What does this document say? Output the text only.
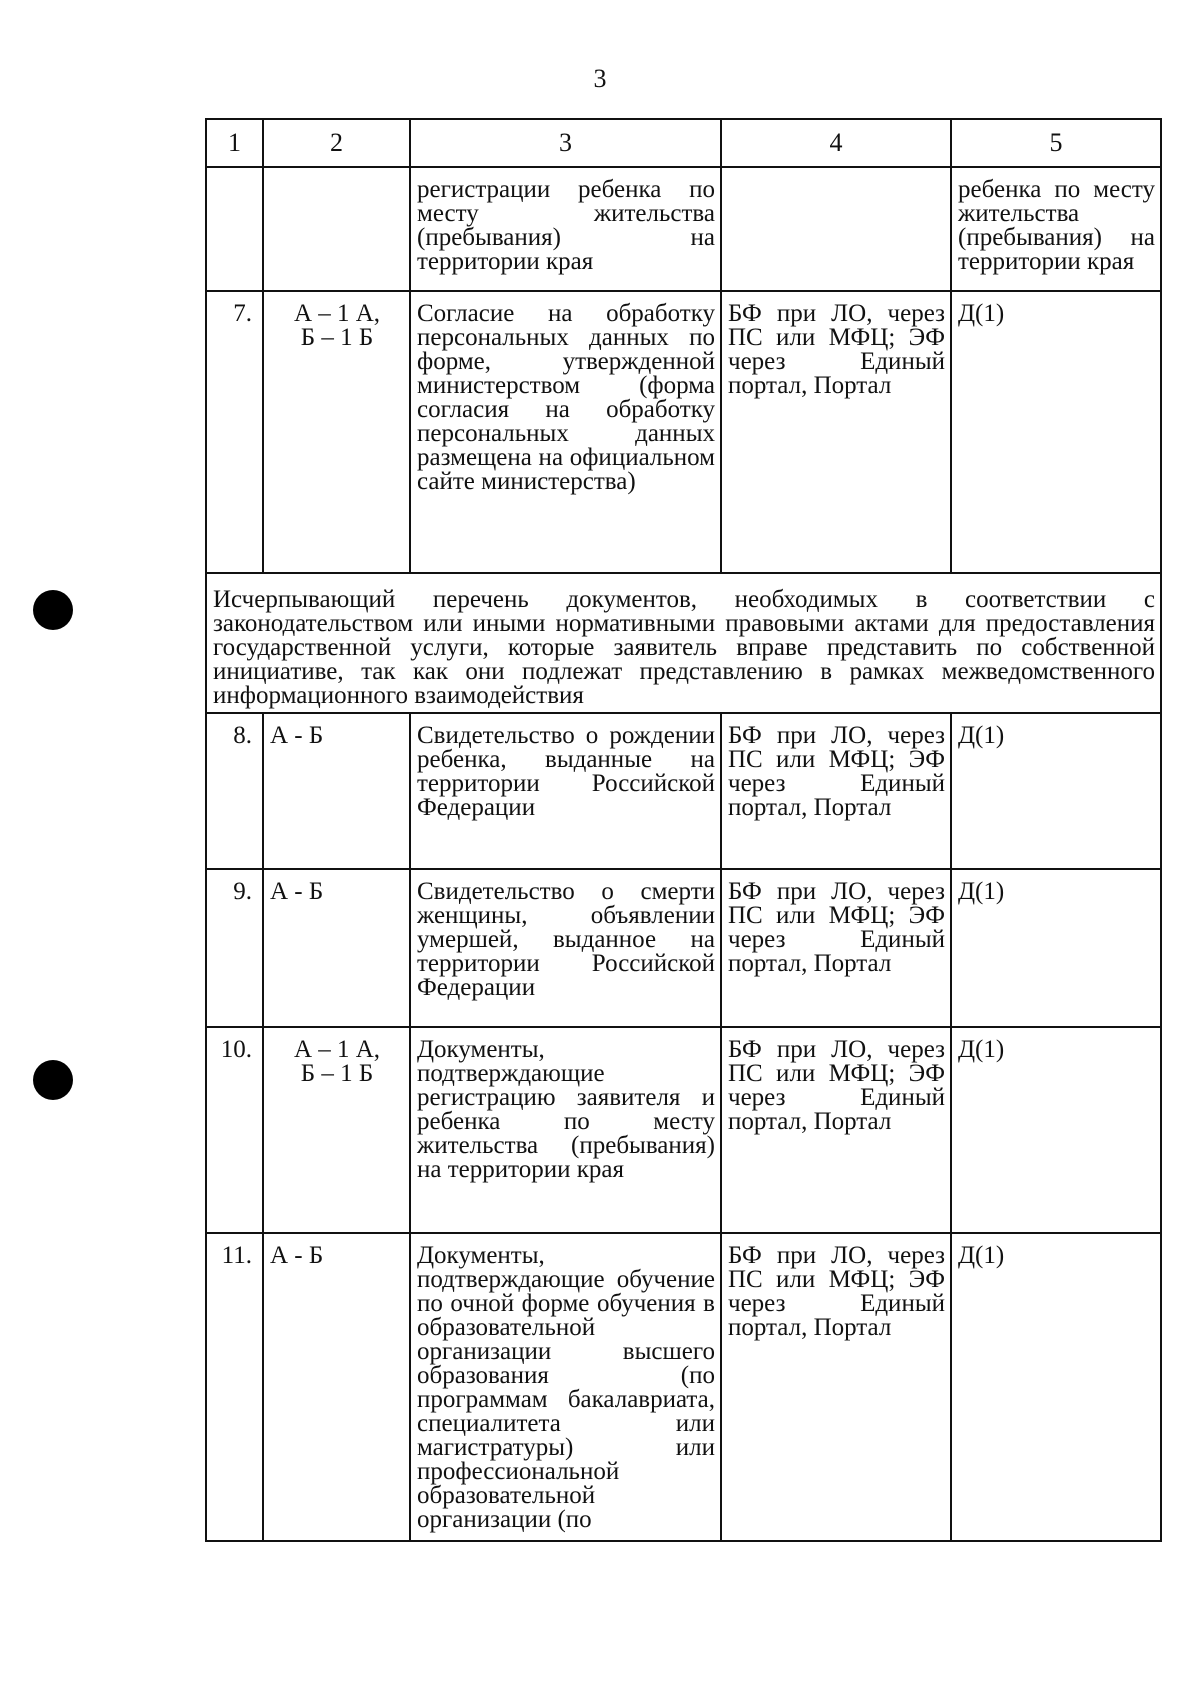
3
1	2	3	4	5
		регистрации ребенка по месту жительства (пребывания) на территории края		ребенка по месту жительства (пребывания) на территории края
7.	А – 1 А,
Б – 1 Б	Согласие на обработку персональных данных по форме, утвержденной министерством (форма согласия на обработку персональных данных размещена на официальном сайте министерства)	БФ при ЛО, через ПС или МФЦ; ЭФ через Единый портал, Портал	Д(1)
Исчерпывающий перечень документов, необходимых в соответствии с законодательством или иными нормативными правовыми актами для предоставления государственной услуги, которые заявитель вправе представить по собственной инициативе, так как они подлежат представлению в рамках межведомственного информационного взаимодействия				
8.	А - Б	Свидетельство о рождении ребенка, выданные на территории Российской Федерации	БФ при ЛО, через ПС или МФЦ; ЭФ через Единый портал, Портал	Д(1)
9.	А - Б	Свидетельство о смерти женщины, объявлении умершей, выданное на территории Российской Федерации	БФ при ЛО, через ПС или МФЦ; ЭФ через Единый портал, Портал	Д(1)
10.	А – 1 А,
Б – 1 Б	Документы, подтверждающие регистрацию заявителя и ребенка по месту жительства (пребывания) на территории края	БФ при ЛО, через ПС или МФЦ; ЭФ через Единый портал, Портал	Д(1)
11.	А - Б	Документы, подтверждающие обучение по очной форме обучения в образовательной организации высшего образования (по программам бакалавриата, специалитета или магистратуры) или профессиональной образовательной организации (по	БФ при ЛО, через ПС или МФЦ; ЭФ через Единый портал, Портал	Д(1)
